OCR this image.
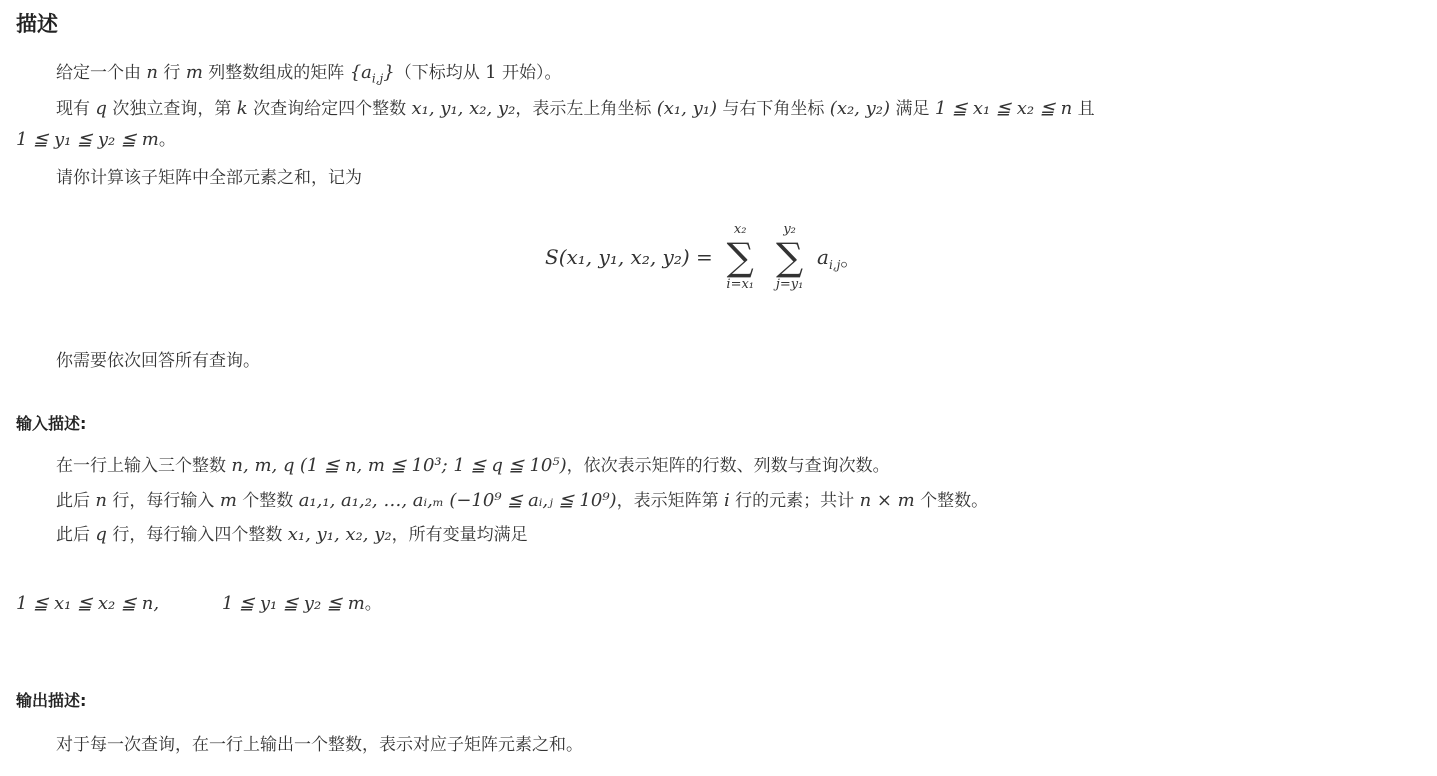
描述
给定一个由 n 行 m 列整数组成的矩阵 $\{a_{i,j}\}$（下标均从 1 开始）。
现有 q 次独立查询，第 k 次查询给定四个整数 x₁, y₁, x₂, y₂，表示左上角坐标 (x₁, y₁) 与右下角坐标 (x₂, y₂) 满足 1 ≦ x₁ ≦ x₂ ≦ n 且
1 ≦ y₁ ≦ y₂ ≦ m。
请你计算该子矩阵中全部元素之和，记为
S(x₁, y₁, x₂, y₂) =
x₂
∑
i=x₁

y₂
∑
j=y₁
$a_{i,j}$。
你需要依次回答所有查询。
输入描述:
在一行上输入三个整数 n, m, q (1 ≦ n, m ≦ 10³; 1 ≦ q ≦ 10⁵)，依次表示矩阵的行数、列数与查询次数。
此后 n 行，每行输入 m 个整数 a₁,₁, a₁,₂, …, aᵢ,ₘ (−10⁹ ≦ aᵢ,ⱼ ≦ 10⁹)，表示矩阵第 i 行的元素；共计 n × m 个整数。
此后 q 行，每行输入四个整数 x₁, y₁, x₂, y₂，所有变量均满足
1 ≦ x₁ ≦ x₂ ≦ n,	1 ≦ y₁ ≦ y₂ ≦ m。
输出描述:
对于每一次查询，在一行上输出一个整数，表示对应子矩阵元素之和。
